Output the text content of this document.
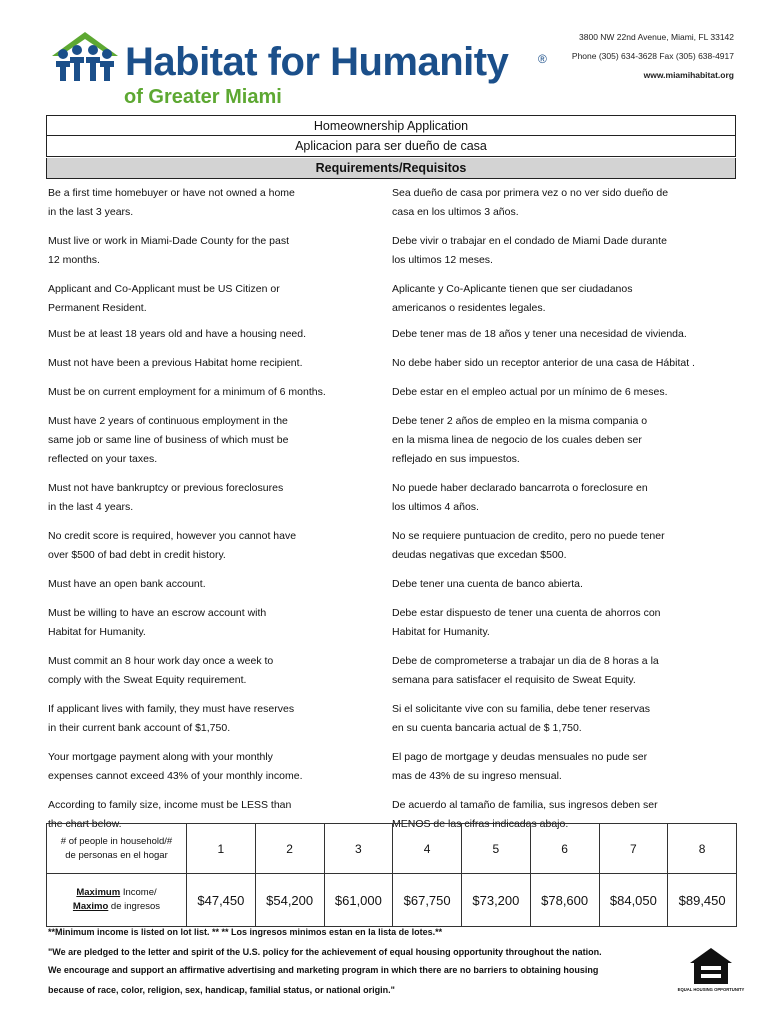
Habitat for Humanity ®
of Greater Miami
3800 NW 22nd Avenue, Miami, FL 33142
Phone (305) 634-3628 Fax (305) 638-4917
www.miamihabitat.org
Homeownership Application
Aplicacion para ser dueño de casa
Requirements/Requisitos
Be a first time homebuyer or have not owned a home
in the last 3 years.
Sea dueño de casa por primera vez o no ver sido dueño de
casa en los ultimos 3 años.
Must live or work in Miami-Dade County for the past
12 months.
Debe vivir o trabajar en el condado de Miami Dade durante
los ultimos 12 meses.
Applicant and Co-Applicant must be US Citizen or
Permanent Resident.
Aplicante y Co-Aplicante tienen que ser ciudadanos
americanos o residentes legales.
Must be at least 18 years old and have a housing need.	Debe tener mas de 18 años y tener una necesidad de vivienda.
Must not have been a previous Habitat home recipient.	No debe haber sido un receptor anterior de una casa de Hábitat .
Must be on current employment for a minimum of 6 months.	Debe estar en el empleo actual por un mínimo de 6 meses.
Must have 2 years of continuous employment in the
same job or same line of business of which must be
reflected on your taxes.
Debe tener 2 años de empleo en la misma compania o
en la misma linea de negocio de los cuales deben ser
reflejado en sus impuestos.
Must not have bankruptcy or previous foreclosures
in the last 4 years.
No puede haber declarado bancarrota o foreclosure en
los ultimos 4 años.
No credit score is required, however you cannot have
over $500 of bad debt in credit history.
No se requiere puntuacion de credito, pero no puede tener
deudas negativas que excedan $500.
Must have an open bank account.	Debe tener una cuenta de banco abierta.
Must be willing to have an escrow account with
Habitat for Humanity.
Debe estar dispuesto de tener una cuenta de ahorros con
Habitat for Humanity.
Must commit an 8 hour work day once a week to
comply with the Sweat Equity requirement.
Debe de comprometerse a trabajar un dia de 8 horas a la
semana para satisfacer el requisito de Sweat Equity.
If applicant lives with family, they must have reserves
in their current bank account of $1,750.
Si el solicitante vive con su familia, debe tener reservas
en su cuenta bancaria actual de $ 1,750.
Your mortgage payment along with your monthly
expenses cannot exceed 43% of your monthly income.
El pago de mortgage y deudas mensuales no pude ser
mas de 43% de su ingreso mensual.
According to family size, income must be LESS than
the chart below.
De acuerdo al tamaño de familia, sus ingresos deben ser
MENOS de las cifras indicadas abajo.
# of people in household/#
de personas en el hogar	1	2	3	4	5	6	7	8

Maximum Income/
Maximo de ingresos	$47,450	$54,200	$61,000	$67,750	$73,200	$78,600	$84,050	$89,450
**Minimum income is listed on lot list. ** ** Los ingresos minimos estan en la lista de lotes.**
"We are pledged to the letter and spirit of the U.S. policy for the achievement of equal housing opportunity throughout the nation.
We encourage and support an affirmative advertising and marketing program in which there are no barriers to obtaining housing
because of race, color, religion, sex, handicap, familial status, or national origin."	EQUAL HOUSING OPPORTUNITY
